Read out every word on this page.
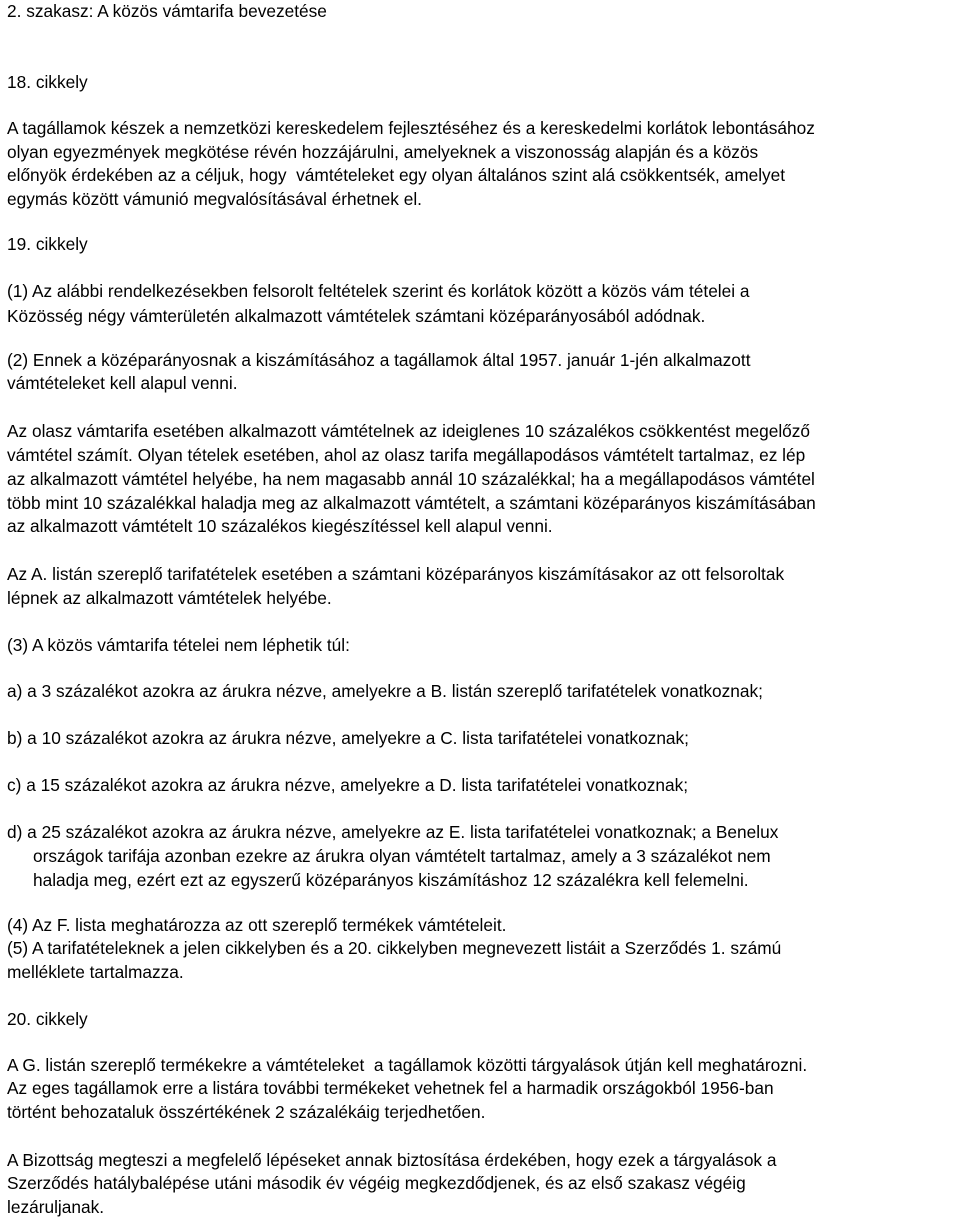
2. szakasz: A közös vámtarifa bevezetése
18. cikkely
A tagállamok készek a nemzetközi kereskedelem fejlesztéséhez és a kereskedelmi korlátok lebontásához
olyan egyezmények megkötése révén hozzájárulni, amelyeknek a viszonosság alapján és a közös
előnyök érdekében az a céljuk, hogy  vámtételeket egy olyan általános szint alá csökkentsék, amelyet
egymás között vámunió megvalósításával érhetnek el.
19. cikkely
(1) Az alábbi rendelkezésekben felsorolt feltételek szerint és korlátok között a közös vám tételei a
Közösség négy vámterületén alkalmazott vámtételek számtani középarányosából adódnak.
(2) Ennek a középarányosnak a kiszámításához a tagállamok által 1957. január 1-jén alkalmazott
vámtételeket kell alapul venni.
Az olasz vámtarifa esetében alkalmazott vámtételnek az ideiglenes 10 százalékos csökkentést megelőző
vámtétel számít. Olyan tételek esetében, ahol az olasz tarifa megállapodásos vámtételt tartalmaz, ez lép
az alkalmazott vámtétel helyébe, ha nem magasabb annál 10 százalékkal; ha a megállapodásos vámtétel
több mint 10 százalékkal haladja meg az alkalmazott vámtételt, a számtani középarányos kiszámításában
az alkalmazott vámtételt 10 százalékos kiegészítéssel kell alapul venni.
Az A. listán szereplő tarifatételek esetében a számtani középarányos kiszámításakor az ott felsoroltak
lépnek az alkalmazott vámtételek helyébe.
(3) A közös vámtarifa tételei nem léphetik túl:
a) a 3 százalékot azokra az árukra nézve, amelyekre a B. listán szereplő tarifatételek vonatkoznak;
b) a 10 százalékot azokra az árukra nézve, amelyekre a C. lista tarifatételei vonatkoznak;
c) a 15 százalékot azokra az árukra nézve, amelyekre a D. lista tarifatételei vonatkoznak;
d) a 25 százalékot azokra az árukra nézve, amelyekre az E. lista tarifatételei vonatkoznak; a Benelux
országok tarifája azonban ezekre az árukra olyan vámtételt tartalmaz, amely a 3 százalékot nem
haladja meg, ezért ezt az egyszerű középarányos kiszámításhoz 12 százalékra kell felemelni.
(4) Az F. lista meghatározza az ott szereplő termékek vámtételeit.
(5) A tarifatételeknek a jelen cikkelyben és a 20. cikkelyben megnevezett listáit a Szerződés 1. számú
melléklete tartalmazza.
20. cikkely
A G. listán szereplő termékekre a vámtételeket  a tagállamok közötti tárgyalások útján kell meghatározni.
Az eges tagállamok erre a listára további termékeket vehetnek fel a harmadik országokból 1956-ban
történt behozataluk összértékének 2 százalékáig terjedhetően.
A Bizottság megteszi a megfelelő lépéseket annak biztosítása érdekében, hogy ezek a tárgyalások a
Szerződés hatálybalépése utáni második év végéig megkezdődjenek, és az első szakasz végéig
lezáruljanak.
